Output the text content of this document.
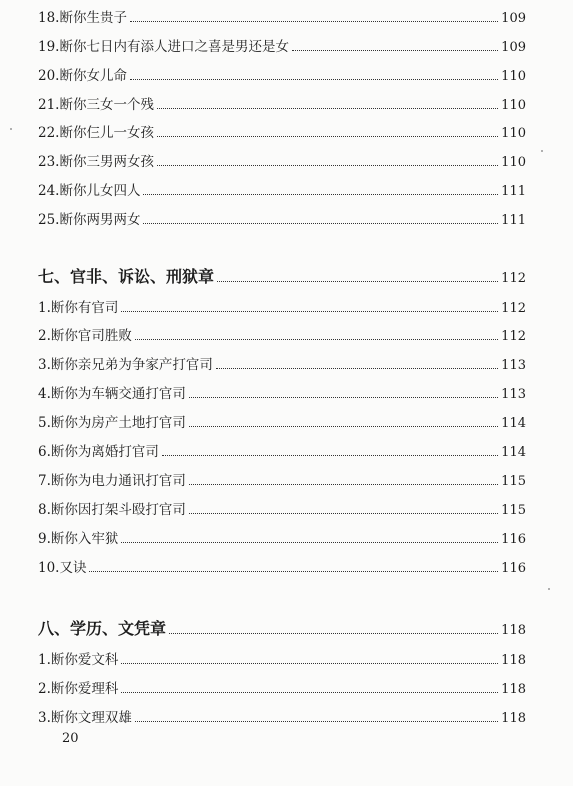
18.断你生贵子	109
19.断你七日内有添人进口之喜是男还是女	109
20.断你女儿命	110
21.断你三女一个残	110
22.断你仨儿一女孩	110
23.断你三男两女孩	110
24.断你儿女四人	111
25.断你两男两女	111
七、官非、诉讼、刑狱章	112
1.断你有官司	112
2.断你官司胜败	112
3.断你亲兄弟为争家产打官司	113
4.断你为车辆交通打官司	113
5.断你为房产土地打官司	114
6.断你为离婚打官司	114
7.断你为电力通讯打官司	115
8.断你因打架斗殴打官司	115
9.断你入牢狱	116
10.又诀	116
八、学历、文凭章	118
1.断你爱文科	118
2.断你爱理科	118
3.断你文理双雄	118
20
